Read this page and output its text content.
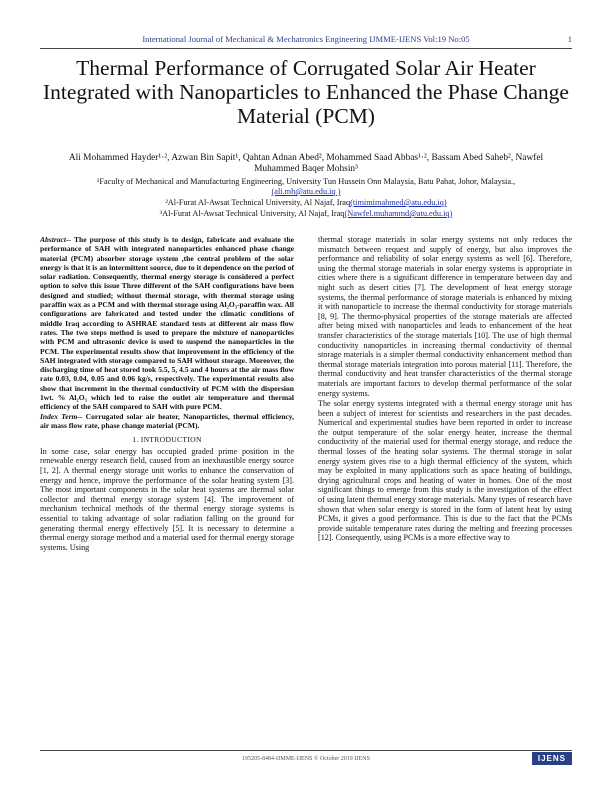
International Journal of Mechanical & Mechatronics Engineering IJMME-IJENS Vol:19 No:05	1
Thermal Performance of Corrugated Solar Air Heater Integrated with Nanoparticles to Enhanced the Phase Change Material (PCM)
Ali Mohammed Hayder¹·², Azwan Bin Sapit¹, Qahtan Adnan Abed², Mohammed Saad Abbas¹·², Bassam Abed Saheb², Nawfel Muhammed Baqer Mohsin³
¹Faculty of Mechanical and Manufacturing Engineering, University Tun Hussein Onn Malaysia, Batu Pahat, Johor, Malaysia.,
(ali.mh@atu.edu.iq )
²Al-Furat Al-Awsat Technical University, Al Najaf, Iraq(timimimahmed@atu.edu.iq)
³Al-Furat Al-Awsat Technical University, Al Najaf, Iraq(Nawfel.muhammd@atu.edu.iq)

Abstract-- The purpose of this study is to design, fabricate and evaluate the performance of SAH with integrated nanoparticles enhanced phase change material (PCM) absorber storage system ,the central problem of the solar energy is that it is an intermittent source, due to it dependence on the period of solar radiation. Consequently, thermal energy storage is considered a perfect option to solve this issue Three different of the SAH configurations have been designed and studied; without thermal storage, with thermal storage using paraffin wax as a PCM and with thermal storage using Al₂O₃-paraffin wax. All configurations are fabricated and tested under the climatic conditions of middle Iraq according to ASHRAE standard tests at different air mass flow rates. The two steps method is used to prepare the mixture of nanoparticles with PCM and ultrasonic device is used to suspend the nanoparticles in the PCM. The experimental results show that improvement in the efficiency of the SAH integrated with storage compared to SAH without storage. Moreover, the discharging time of heat stored took 5.5, 5, 4.5 and 4 hours at the air mass flow rate 0.03, 0.04, 0.05 and 0.06 kg/s, respectively. The experimental results also show that increment in the thermal conductivity of PCM with the dispersion 1wt. % Al₂O₃ which led to raise the outlet air temperature and thermal efficiency of the SAH compared to SAH with pure PCM.

Index Term-- Corrugated solar air heater, Nanoparticles, thermal efficiency, air mass flow rate, phase change material (PCM).

1. INTRODUCTION

In some case, solar energy has occupied graded prime position in the renewable energy research field, caused from an inexhaustible energy source [1, 2]. A thermal energy storage unit works to enhance the conservation of energy and hence, improve the performance of the solar heating system [3]. The most important components in the solar heat systems are thermal solar collector and thermal energy storage system [4]. The improvement of mechanism technical methods of the thermal energy storage systems is essential to taking advantage of solar radiation falling on the ground for generating thermal energy effectively [5]. It is necessary to determine a thermal energy storage method and a material used for thermal energy storage systems. Using

thermal storage materials in solar energy systems not only reduces the mismatch between request and supply of energy, but also improves the performance and reliability of solar energy systems as well [6]. Therefore, using the thermal storage materials in solar energy systems is appropriate in cities where there is a significant difference in temperature between day and night such as desert cities [7]. The development of heat energy storage systems, the thermal performance of storage materials is enhanced by mixing it with nanoparticle to increase the thermal conductivity for storage materials [8, 9]. The thermo-physical properties of the storage materials are affected after being mixed with nanoparticles and leads to enhancement of the heat transfer characteristics of the storage materials [10]. The use of high thermal conductivity nanoparticles in increasing thermal conductivity of thermal storage materials is a simpler thermal conductivity enhancement method than thermal storage materials integration into porous material [11]. Therefore, the thermal conductivity and heat transfer characteristics of the thermal storage materials are important factors to develop thermal performance of the solar energy systems.

The solar energy systems integrated with a thermal energy storage unit has been a subject of interest for scientists and researchers in the past decades. Numerical and experimental studies have been reported in order to increase the output temperature of the solar energy heater, increase the thermal conductivity of the material used for thermal energy storage, and reduce the thermal losses of the heating solar systems. The thermal storage in solar energy system gives rise to a high thermal efficiency of the system, which may be exploited in many applications such as space heating of buildings, drying agricultural crops and heating of water in homes. One of the most significant things to emerge from this study is the investigation of the effect of using latent thermal energy storage materials. Many types of research have shown that when solar energy is stored in the form of latent heat by using PCMs, it gives a good performance. This is due to the fact that the PCMs provide suitable temperature rates during the melting and freezing processes [12]. Consequently, using PCMs is a more effective way to

195205-8484-IJMME-IJENS © October 2019 IJENS	IJENS
